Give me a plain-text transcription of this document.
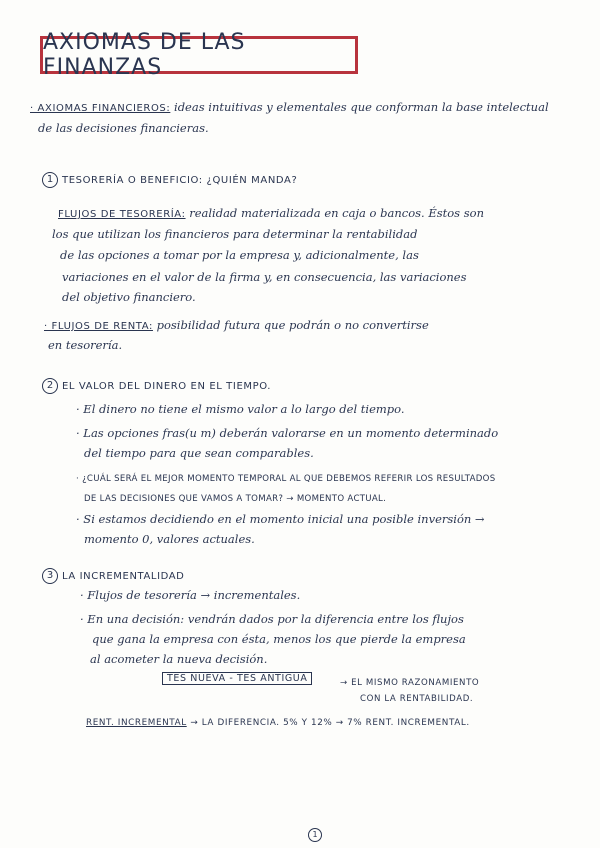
AXIOMAS DE LAS FINANZAS

· AXIOMAS FINANCIEROS: ideas intuitivas y elementales que conforman la base intelectual
de las decisiones financieras.
1 TESORERÍA O BENEFICIO: ¿QUIÉN MANDA?
FLUJOS DE TESORERÍA: realidad materializada en caja o bancos. Éstos son
los que utilizan los financieros para determinar la rentabilidad
de las opciones a tomar por la empresa y, adicionalmente, las
variaciones en el valor de la firma y, en consecuencia, las variaciones
del objetivo financiero.
· FLUJOS DE RENTA: posibilidad futura que podrán o no convertirse
en tesorería.
2 EL VALOR DEL DINERO EN EL TIEMPO.
· El dinero no tiene el mismo valor a lo largo del tiempo.
· Las opciones fras(u m) deberán valorarse en un momento determinado
del tiempo para que sean comparables.
· ¿CUÁL SERÁ EL MEJOR MOMENTO TEMPORAL AL QUE DEBEMOS REFERIR LOS RESULTADOS
DE LAS DECISIONES QUE VAMOS A TOMAR? → MOMENTO ACTUAL.
· Si estamos decidiendo en el momento inicial una posible inversión →
momento 0, valores actuales.
3 LA INCREMENTALIDAD
· Flujos de tesorería → incrementales.
· En una decisión: vendrán dados por la diferencia entre los flujos
que gana la empresa con ésta, menos los que pierde la empresa
al acometer la nueva decisión.
TES NUEVA - TES ANTIGUA	→ EL MISMO RAZONAMIENTO
CON LA RENTABILIDAD.
RENT. INCREMENTAL → LA DIFERENCIA. 5% Y 12% → 7% RENT. INCREMENTAL.
1
